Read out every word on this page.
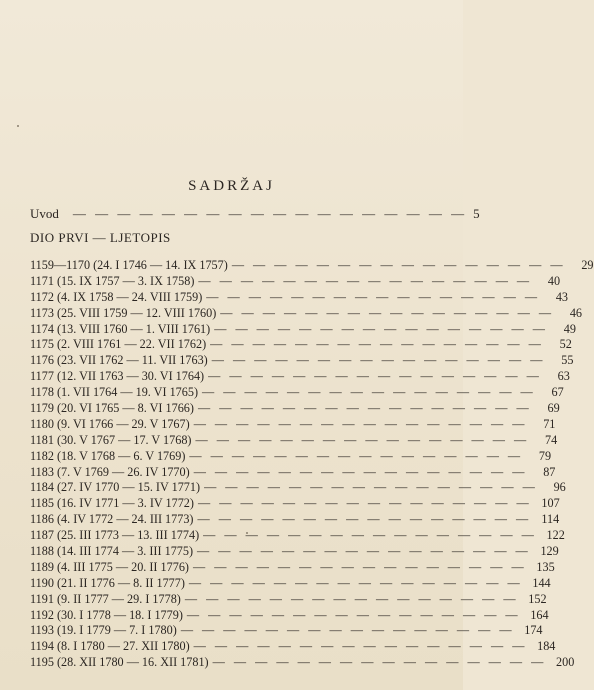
SADRŽAJ
Uvod — — — — — — — — — — — — — — — — — — 5
DIO PRVI — LJETOPIS
1159—1170 (24. I 1746 — 14. IX 1757) — — — — — — — — — — — — — — — —	29
1171 (15. IX 1757 — 3. IX 1758) — — — — — — — — — — — — — — — —	40
1172 (4. IX 1758 — 24. VIII 1759) — — — — — — — — — — — — — — — —	43
1173 (25. VIII 1759 — 12. VIII 1760) — — — — — — — — — — — — — — — —	46
1174 (13. VIII 1760 — 1. VIII 1761) — — — — — — — — — — — — — — — —	49
1175 (2. VIII 1761 — 22. VII 1762) — — — — — — — — — — — — — — — —	52
1176 (23. VII 1762 — 11. VII 1763) — — — — — — — — — — — — — — — —	55
1177 (12. VII 1763 — 30. VI 1764) — — — — — — — — — — — — — — — —	63
1178 (1. VII 1764 — 19. VI 1765) — — — — — — — — — — — — — — — —	67
1179 (20. VI 1765 — 8. VI 1766) — — — — — — — — — — — — — — — —	69
1180 (9. VI 1766 — 29. V 1767) — — — — — — — — — — — — — — — —	71
1181 (30. V 1767 — 17. V 1768) — — — — — — — — — — — — — — — —	74
1182 (18. V 1768 — 6. V 1769) — — — — — — — — — — — — — — — —	79
1183 (7. V 1769 — 26. IV 1770) — — — — — — — — — — — — — — — —	87
1184 (27. IV 1770 — 15. IV 1771) — — — — — — — — — — — — — — — —	96
1185 (16. IV 1771 — 3. IV 1772) — — — — — — — — — — — — — — — — 107
1186 (4. IV 1772 — 24. III 1773) — — — — — — — — — — — — — — — — 114
1187 (25. III 1773 — 13. III 1774) — — — — — — — — — — — — — — — — 122
1188 (14. III 1774 — 3. III 1775) — — — — — — — — — — — — — — — — 129
1189 (4. III 1775 — 20. II 1776) — — — — — — — — — — — — — — — — 135
1190 (21. II 1776 — 8. II 1777) — — — — — — — — — — — — — — — — 144
1191 (9. II 1777 — 29. I 1778) — — — — — — — — — — — — — — — — 152
1192 (30. I 1778 — 18. I 1779) — — — — — — — — — — — — — — — — 164
1193 (19. I 1779 — 7. I 1780) — — — — — — — — — — — — — — — — 174
1194 (8. I 1780 — 27. XII 1780) — — — — — — — — — — — — — — — — 184
1195 (28. XII 1780 — 16. XII 1781) — — — — — — — — — — — — — — — — 200
